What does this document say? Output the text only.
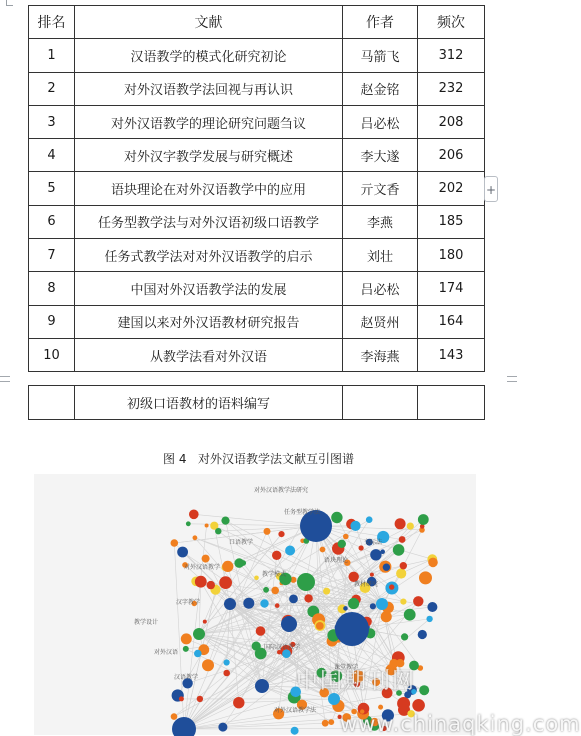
排名	文献	作者	频次
1	汉语教学的模式化研究初论	马箭飞	312
2	对外汉语教学法回视与再认识	赵金铭	232
3	对外汉语教学的理论研究问题刍议	吕必松	208
4	对外汉字教学发展与研究概述	李大遂	206
5	语块理论在对外汉语教学中的应用	亓文香	202
6	任务型教学法与对外汉语初级口语教学	李燕	185
7	任务式教学法对对外汉语教学的启示	刘壮	180
8	中国对外汉语教学法的发展	吕必松	174
9	建国以来对外汉语教材研究报告	赵贤州	164
10	从教学法看对外汉语	李海燕	143
+
	初级口语教材的语料编写		
图 4   对外汉语教学法文献互引图谱
对外汉语教学法研究
任务型教学法
对外汉语教学
教学模式
汉字教学
语块理论
口语教学
教材研究
对外汉语
国际汉语教学
汉语教学
课堂教学
对外汉语教学法
交际法
教学设计
中国期刊网
www.chinaqking.com
